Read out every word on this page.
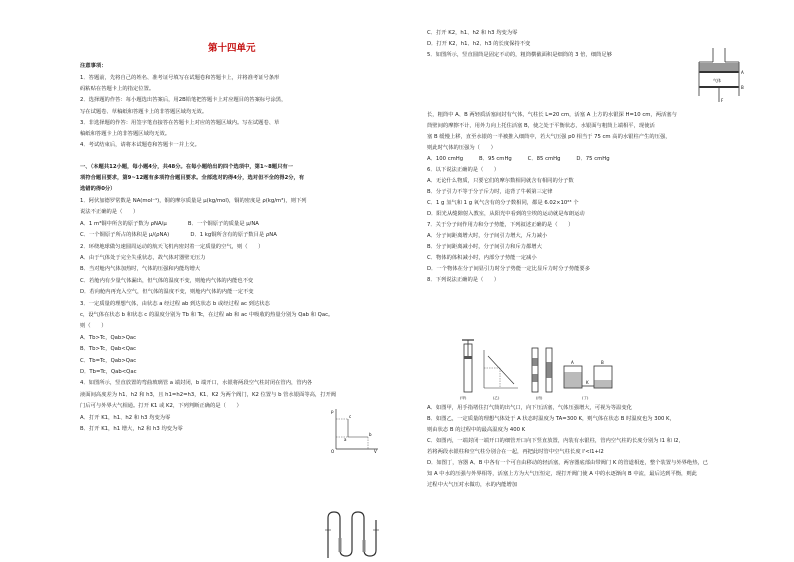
第十四单元
注意事项：
1．答题前，先将自己的姓名、准考证号填写在试题卷和答题卡上，并将准考证号条形
码粘贴在答题卡上的指定位置。
2．选择题的作答：每小题选出答案后，用2B铅笔把答题卡上对应题目的答案标号涂黑，
写在试题卷、草稿纸和答题卡上的非答题区域均无效。
3．非选择题的作答：用签字笔直接答在答题卡上对应的答题区域内。写在试题卷、草
稿纸和答题卡上的非答题区域均无效。
4．考试结束后，请将本试题卷和答题卡一并上交。
一、（本题共12小题，每小题4分，共48分。在每小题给出的四个选项中，第1~8题只有一
项符合题目要求，第9~12题有多项符合题目要求。全部选对的得4分，选对但不全的得2分，有
选错的得0分）
1．阿伏加德罗常数是 NA(mol⁻¹)，铜的摩尔质量是 μ(kg/mol)，铜的密度是 ρ(kg/m³)，则下列
说法不正确的是（　　）
A．1 m³铜中所含的原子数为 ρNA/μ　　　　B．一个铜原子的质量是 μ/NA
C．一个铜原子所占的体积是 μ/(ρNA)　　　　D．1 kg铜所含有的原子数目是 ρNA
2．环绕地球做匀速圆周运动的航天飞机内密封着一定质量的空气，则（　　）
A．由于气体处于完全失重状态，故气体对器壁无压力
B．当对舱内气体加热时，气体的压强和内能均增大
C．若舱内有少量气体漏出，但气体的温度不变，则舱内气体的内能也不变
D．若向舱内再充入空气，但气体的温度不变，则舱内气体的内能一定不变
3．一定质量的理想气体，由状态 a 经过程 ab 到达状态 b 或经过程 ac 到达状态
c，设气体在状态 b 和状态 c 的温度分别为 Tb 和 Tc，在过程 ab 和 ac 中吸收的热量分别为 Qab 和 Qac。
则（　　）
A．Tb>Tc，Qab>Qac
B．Tb>Tc，Qab<Qac
C．Tb=Tc，Qab>Qac
D．Tb=Tc，Qab<Qac
4．如图所示，竖直放置的弯曲玻璃管 a 端封闭，b 端开口，水银将两段空气柱封闭在管内，管内各
液面间高度差为 h1、h2 和 h3，且 h1=h2=h3，K1、K2 为两个阀门，K2 位置与 b 管水银面等高，打开阀
门后可与外界大气相通。打开 K1 或 K2，下列判断正确的是（　　）
A．打开 K1，h1、h2 和 h3 均变为零
B．打开 K1，h1 增大，h2 和 h3 均变为零
p
V
O
a
b
c
C．打开 K2，h1、h2 和 h3 均变为零
D．打开 K2，h1、h2、h3 的长度保持不变
5．如图所示，竖直圆筒是固定不动的，粗筒横截面积是细筒的 3 倍，细筒足够
长，粗筒中 A、B 两轻质活塞间封有气体，气柱长 L=20 cm，活塞 A 上方的水银深 H=10 cm，两活塞与
筒壁间的摩擦不计，用外力向上托住活塞 B，使之处于平衡状态，水银面与粗筒上端相平，现使活
塞 B 缓慢上移，直至水银的一半被推入细筒中，若大气压强 p0 相当于 75 cm 高的水银柱产生的压强，
则此时气体的压强为（　　）
A．100 cmHg　　　B．95 cmHg　　　C．85 cmHg　　　D．75 cmHg
6．以下说法正确的是（　　）
A．无论什么物质，只要它们的摩尔数相同就含有相同的分子数
B．分子引力不等于分子斥力时，违背了牛顿第三定律
C．1 g 氢气和 1 g 氧气含有的分子数相同，都是 6.02×10²³ 个
D．阳光从缝隙射入教室，从阳光中看到的尘埃的运动就是布朗运动
7．关于分子间作用力和分子势能，下列叙述正确的是（　　）
A．分子间距离增大时，分子间引力增大，斥力减小
B．分子间距离减小时，分子间引力和斥力都增大
C．物体的体积减小时，内部分子势能一定减小
D．一个物体在分子间显引力时分子势能一定比显斥力时分子势能要多
8．下列说法正确的是（　　）
A．如图甲，用手指堵住打气筒的出气口，向下压活塞，气体压强增大，可视为等温变化
B．如图乙，一定质量的理想气体处于 A 状态时温度为 TA=300 K，则气体在状态 B 时温度也为 300 K，
则由状态 B 的过程中的最高温度为 400 K
C．如图丙，一端封闭一端开口的细管开口向下竖直放置，内装有水银柱，管内空气柱的长度分别为 l1 和 l2，
若将两段水银柱和空气柱分别合在一起，再把此时管中空气柱长度 l'<l1+l2
D．如图丁，容器 A、B 中各有一个可自由移动的轻活塞，两容器底部由带阀门 K 的管道相连，整个装置与外界绝热，已
知 A 中水的压强与外界相等，活塞上方为大气压恒定，现打开阀门使 A 中的水逐渐向 B 中流，最后达到平衡，则此
过程中大气压对水做功，水的内能增加
A
气体
B
F
A	B
K
(甲)	(乙)	(丙)	(丁)
